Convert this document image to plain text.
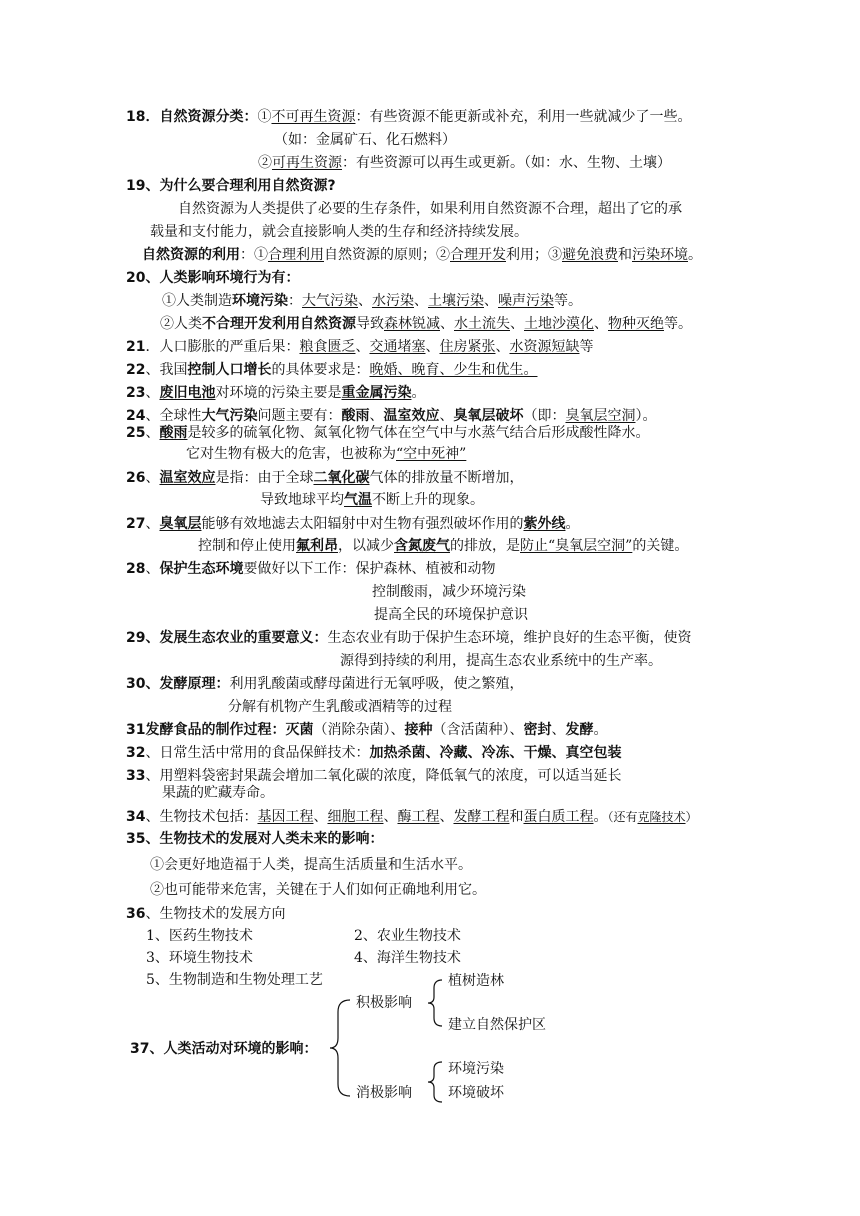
18．自然资源分类：①不可再生资源：有些资源不能更新或补充，利用一些就减少了一些。
（如：金属矿石、化石燃料）
②可再生资源：有些资源可以再生或更新。（如：水、生物、土壤）
19、为什么要合理利用自然资源?
自然资源为人类提供了必要的生存条件，如果利用自然资源不合理，超出了它的承
载量和支付能力，就会直接影响人类的生存和经济持续发展。
自然资源的利用：①合理利用自然资源的原则；②合理开发利用；③避免浪费和污染环境。
20、人类影响环境行为有：
①人类制造环境污染：大气污染、水污染、土壤污染、噪声污染等。
②人类不合理开发利用自然资源导致森林锐减、水土流失、土地沙漠化、物种灭绝等。
21．人口膨胀的严重后果：粮食匮乏、交通堵塞、住房紧张、水资源短缺等
22、我国控制人口增长的具体要求是：晚婚、晚育、少生和优生。
23、废旧电池对环境的污染主要是重金属污染。
24、全球性大气污染问题主要有：酸雨、温室效应、臭氧层破坏（即：臭氧层空洞）。
25、酸雨是较多的硫氧化物、氮氧化物气体在空气中与水蒸气结合后形成酸性降水。
它对生物有极大的危害，也被称为“空中死神”
26、温室效应是指：由于全球二氧化碳气体的排放量不断增加，
导致地球平均气温不断上升的现象。
27、臭氧层能够有效地滤去太阳辐射中对生物有强烈破坏作用的紫外线。
控制和停止使用氟利昂，以减少含氮废气的排放，是防止“臭氧层空洞”的关键。
28、保护生态环境要做好以下工作：保护森林、植被和动物
控制酸雨，减少环境污染
提高全民的环境保护意识
29、发展生态农业的重要意义：生态农业有助于保护生态环境，维护良好的生态平衡，使资
源得到持续的利用，提高生态农业系统中的生产率。
30、发酵原理：利用乳酸菌或酵母菌进行无氧呼吸，使之繁殖，
分解有机物产生乳酸或酒精等的过程
31发酵食品的制作过程：灭菌（消除杂菌）、接种（含活菌种）、密封、发酵。
32、日常生活中常用的食品保鲜技术：加热杀菌、冷藏、冷冻、干燥、真空包装
33、用塑料袋密封果蔬会增加二氧化碳的浓度，降低氧气的浓度，可以适当延长
果蔬的贮藏寿命。
34、生物技术包括：基因工程、细胞工程、酶工程、发酵工程和蛋白质工程。（还有克隆技术）
35、生物技术的发展对人类未来的影响：
①会更好地造福于人类，提高生活质量和生活水平。
②也可能带来危害，关键在于人们如何正确地利用它。
36、生物技术的发展方向
1、医药生物技术	2、农业生物技术
3、环境生物技术	4、海洋生物技术
5、生物制造和生物处理工艺
37、人类活动对环境的影响：
积极影响
植树造林
建立自然保护区
消极影响
环境污染
环境破坏
